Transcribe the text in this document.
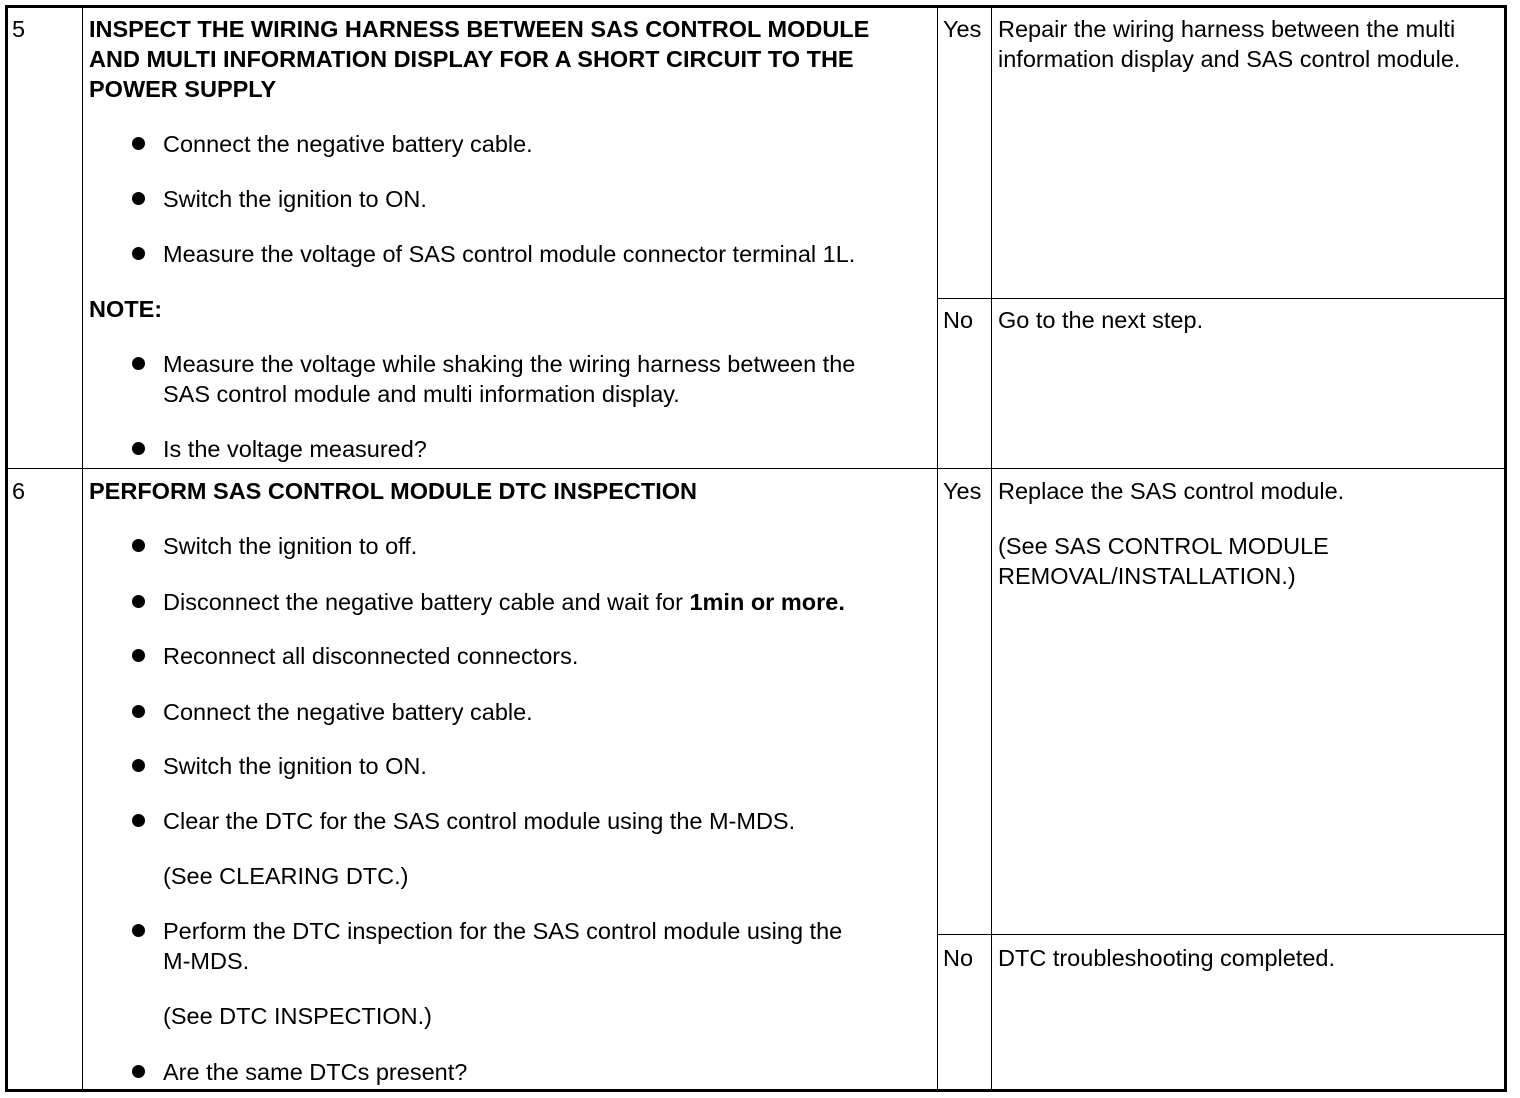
5	INSPECT THE WIRING HARNESS BETWEEN SAS CONTROL MODULE
AND MULTI INFORMATION DISPLAY FOR A SHORT CIRCUIT TO THE
POWER SUPPLY
Connect the negative battery cable.
Switch the ignition to ON.
Measure the voltage of SAS control module connector terminal 1L.
NOTE:
Measure the voltage while shaking the wiring harness between the
SAS control module and multi information display.
Is the voltage measured?
Yes Repair the wiring harness between the multi
information display and SAS control module.
No Go to the next step.
6	PERFORM SAS CONTROL MODULE DTC INSPECTION
Switch the ignition to off.
Disconnect the negative battery cable and wait for 1min or more.
Reconnect all disconnected connectors.
Connect the negative battery cable.
Switch the ignition to ON.
Clear the DTC for the SAS control module using the M-MDS.
(See CLEARING DTC.)
Perform the DTC inspection for the SAS control module using the
M-MDS.
(See DTC INSPECTION.)
Are the same DTCs present?
Yes Replace the SAS control module.
(See SAS CONTROL MODULE
REMOVAL/INSTALLATION.)
No DTC troubleshooting completed.
